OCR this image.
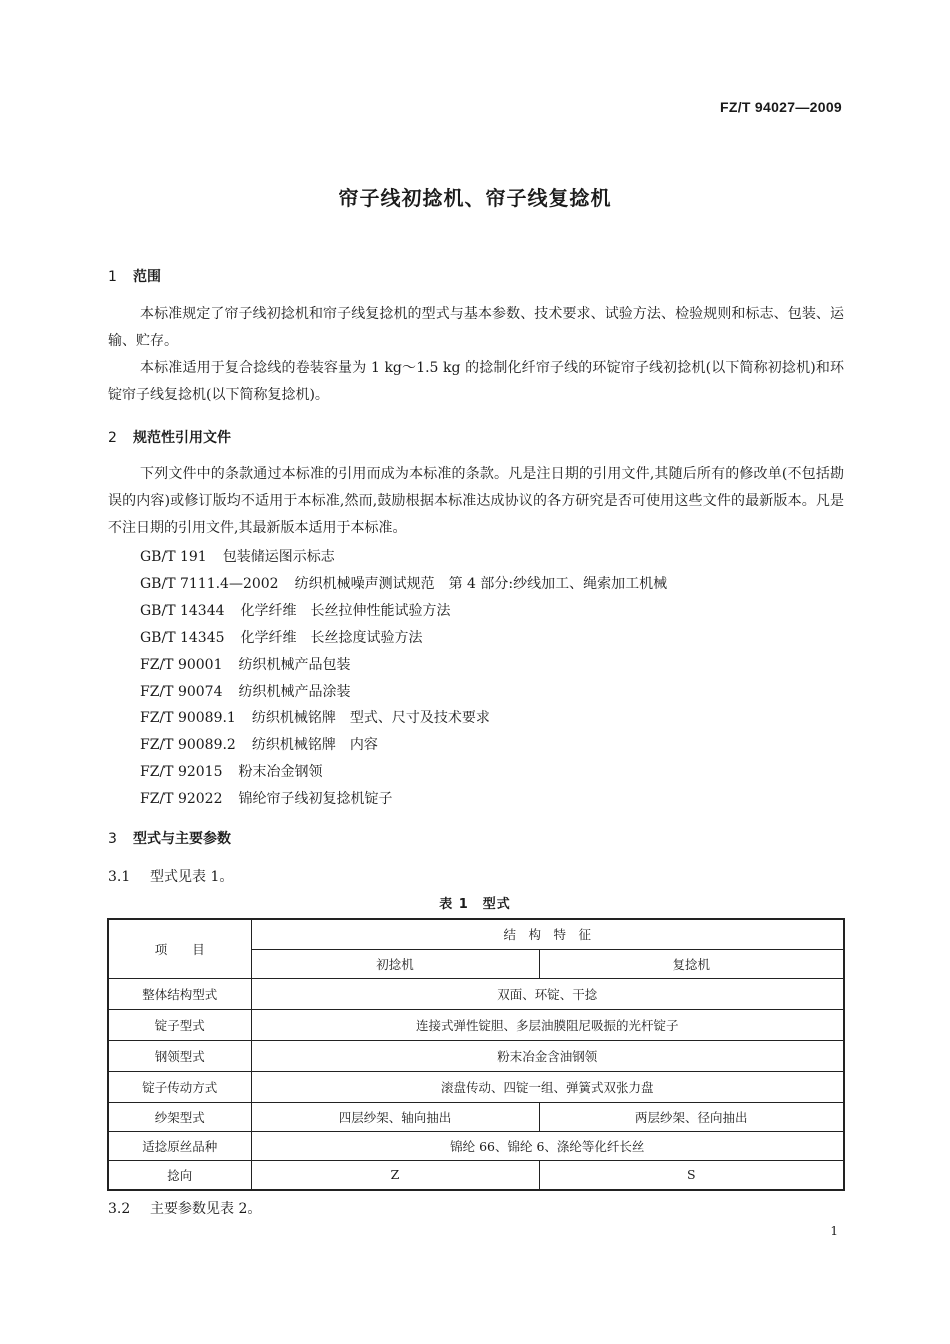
FZ/T 94027—2009
帘子线初捻机、帘子线复捻机
1 范围

本标准规定了帘子线初捻机和帘子线复捻机的型式与基本参数、技术要求、试验方法、检验规则和标志、包装、运输、贮存。

本标准适用于复合捻线的卷装容量为 1 kg～1.5 kg 的捻制化纤帘子线的环锭帘子线初捻机(以下简称初捻机)和环锭帘子线复捻机(以下简称复捻机)。

2 规范性引用文件

下列文件中的条款通过本标准的引用而成为本标准的条款。凡是注日期的引用文件,其随后所有的修改单(不包括勘误的内容)或修订版均不适用于本标准,然而,鼓励根据本标准达成协议的各方研究是否可使用这些文件的最新版本。凡是不注日期的引用文件,其最新版本适用于本标准。

GB/T 191 包装储运图示标志
GB/T 7111.4—2002 纺织机械噪声测试规范　第 4 部分:纱线加工、绳索加工机械
GB/T 14344 化学纤维　长丝拉伸性能试验方法
GB/T 14345 化学纤维　长丝捻度试验方法
FZ/T 90001 纺织机械产品包装
FZ/T 90074 纺织机械产品涂装
FZ/T 90089.1 纺织机械铭牌　型式、尺寸及技术要求
FZ/T 90089.2 纺织机械铭牌　内容
FZ/T 92015 粉末冶金钢领
FZ/T 92022 锦纶帘子线初复捻机锭子
3 型式与主要参数
3.1 型式见表 1。
表 1　型式
项　　目	结　构　特　征	
	初捻机	复捻机
整体结构型式	双面、环锭、干捻	
锭子型式	连接式弹性锭胆、多层油膜阻尼吸振的光杆锭子	
钢领型式	粉末冶金含油钢领	
锭子传动方式	滚盘传动、四锭一组、弹簧式双张力盘	
纱架型式	四层纱架、轴向抽出	两层纱架、径向抽出
适捻原丝品种	锦纶 66、锦纶 6、涤纶等化纤长丝	
捻向	Z	S
3.2 主要参数见表 2。
1
